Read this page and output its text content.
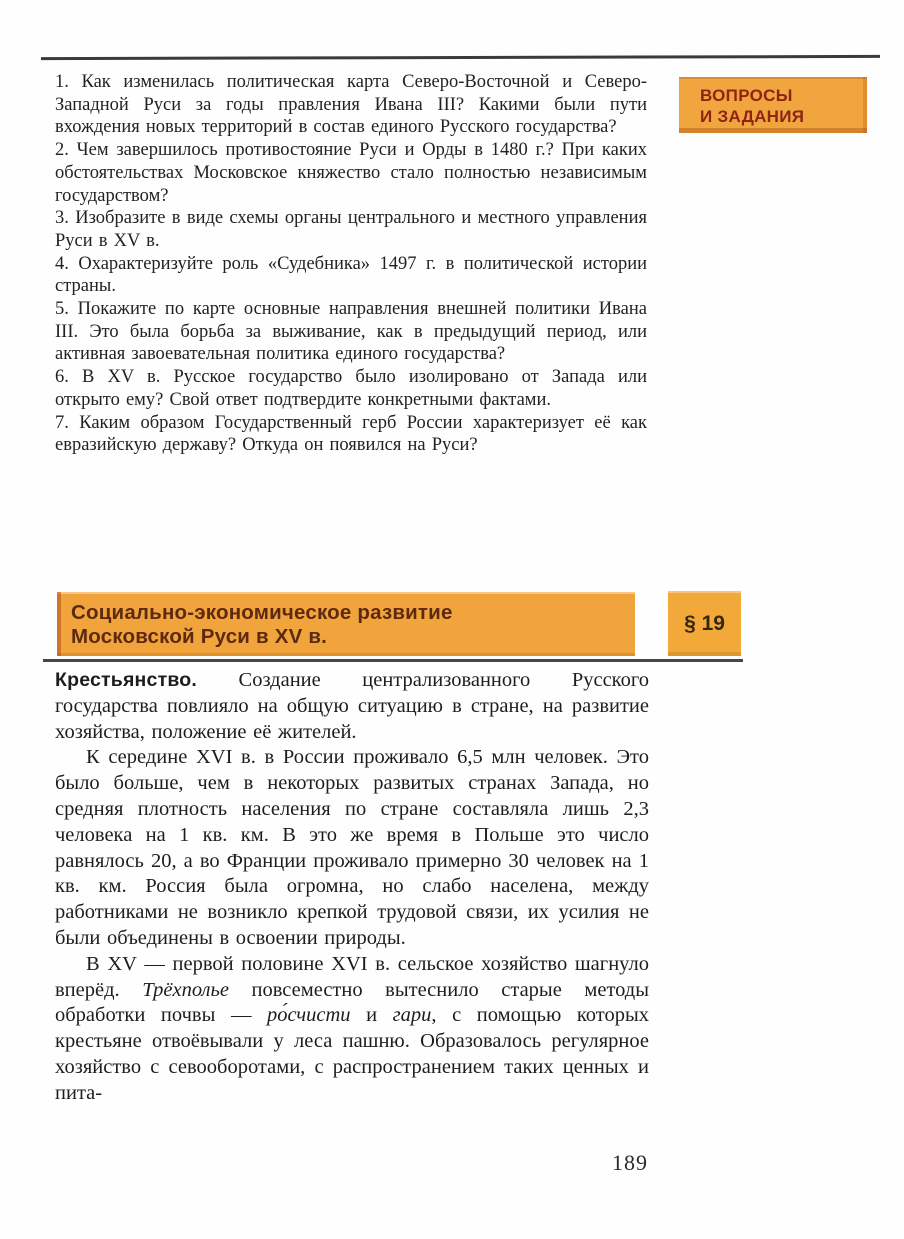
1. Как изменилась политическая карта Северо-Восточной и Северо-Западной Руси за годы правления Ивана III? Какими были пути вхождения новых территорий в состав единого Русского государства?

2. Чем завершилось противостояние Руси и Орды в 1480 г.? При каких обстоятельствах Московское княжество стало полностью независимым государством?

3. Изобразите в виде схемы органы центрального и местного управления Руси в XV в.

4. Охарактеризуйте роль «Судебника» 1497 г. в политической истории страны.

5. Покажите по карте основные направления внешней политики Ивана III. Это была борьба за выживание, как в предыдущий период, или активная завоевательная политика единого государства?

6. В XV в. Русское государство было изолировано от Запада или открыто ему? Свой ответ подтвердите конкретными фактами.

7. Каким образом Государственный герб России характеризует её как евразийскую державу? Откуда он появился на Руси?

ВОПРОСЫ
И ЗАДАНИЯ
Социально-экономическое развитие
Московской Руси в XV в.
§ 19

Крестьянство. Создание централизованного Русского государства повлияло на общую ситуацию в стране, на развитие хозяйства, положение её жителей.

К середине XVI в. в России проживало 6,5 млн человек. Это было больше, чем в некоторых развитых странах Запада, но средняя плотность населения по стране составляла лишь 2,3 человека на 1 кв. км. В это же время в Польше это число равнялось 20, а во Франции проживало примерно 30 человек на 1 кв. км. Россия была огромна, но слабо населена, между работниками не возникло крепкой трудовой связи, их усилия не были объединены в освоении природы.

В XV — первой половине XVI в. сельское хозяйство шагнуло вперёд. Трёхполье повсеместно вытеснило старые методы обработки почвы — ро́счисти и гари, с помощью которых крестьяне отвоёвывали у леса пашню. Образовалось регулярное хозяйство с севооборотами, с распространением таких ценных и пита-

189
